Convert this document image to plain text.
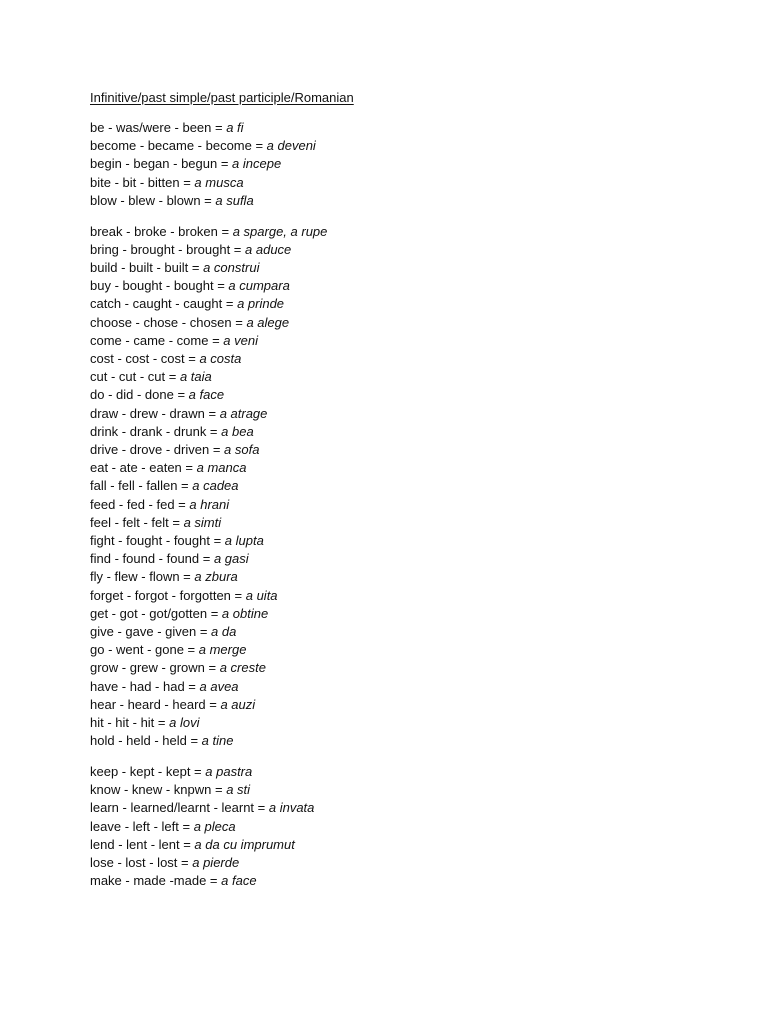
Infinitive/past simple/past participle/Romanian
be - was/were - been = a fi
become - became - become = a deveni
begin - began - begun = a incepe
bite - bit - bitten = a musca
blow - blew - blown = a sufla
break - broke - broken = a sparge, a rupe
bring - brought - brought = a aduce
build - built - built = a construi
buy - bought - bought = a cumpara
catch - caught - caught = a prinde
choose - chose - chosen = a alege
come - came - come = a veni
cost - cost - cost = a costa
cut - cut - cut = a taia
do - did - done = a face
draw - drew - drawn = a atrage
drink - drank - drunk = a bea
drive - drove - driven = a sofa
eat - ate - eaten = a manca
fall - fell - fallen = a cadea
feed - fed - fed = a hrani
feel - felt - felt = a simti
fight - fought - fought = a lupta
find - found - found = a gasi
fly - flew - flown = a zbura
forget - forgot - forgotten = a uita
get - got - got/gotten = a obtine
give - gave - given = a da
go - went - gone = a merge
grow - grew - grown = a creste
have - had - had = a avea
hear - heard - heard = a auzi
hit - hit - hit = a lovi
hold - held - held = a tine
keep - kept - kept = a pastra
know - knew - knpwn = a sti
learn - learned/learnt - learnt = a invata
leave - left - left = a pleca
lend - lent - lent = a da cu imprumut
lose - lost - lost = a pierde
make - made -made = a face
